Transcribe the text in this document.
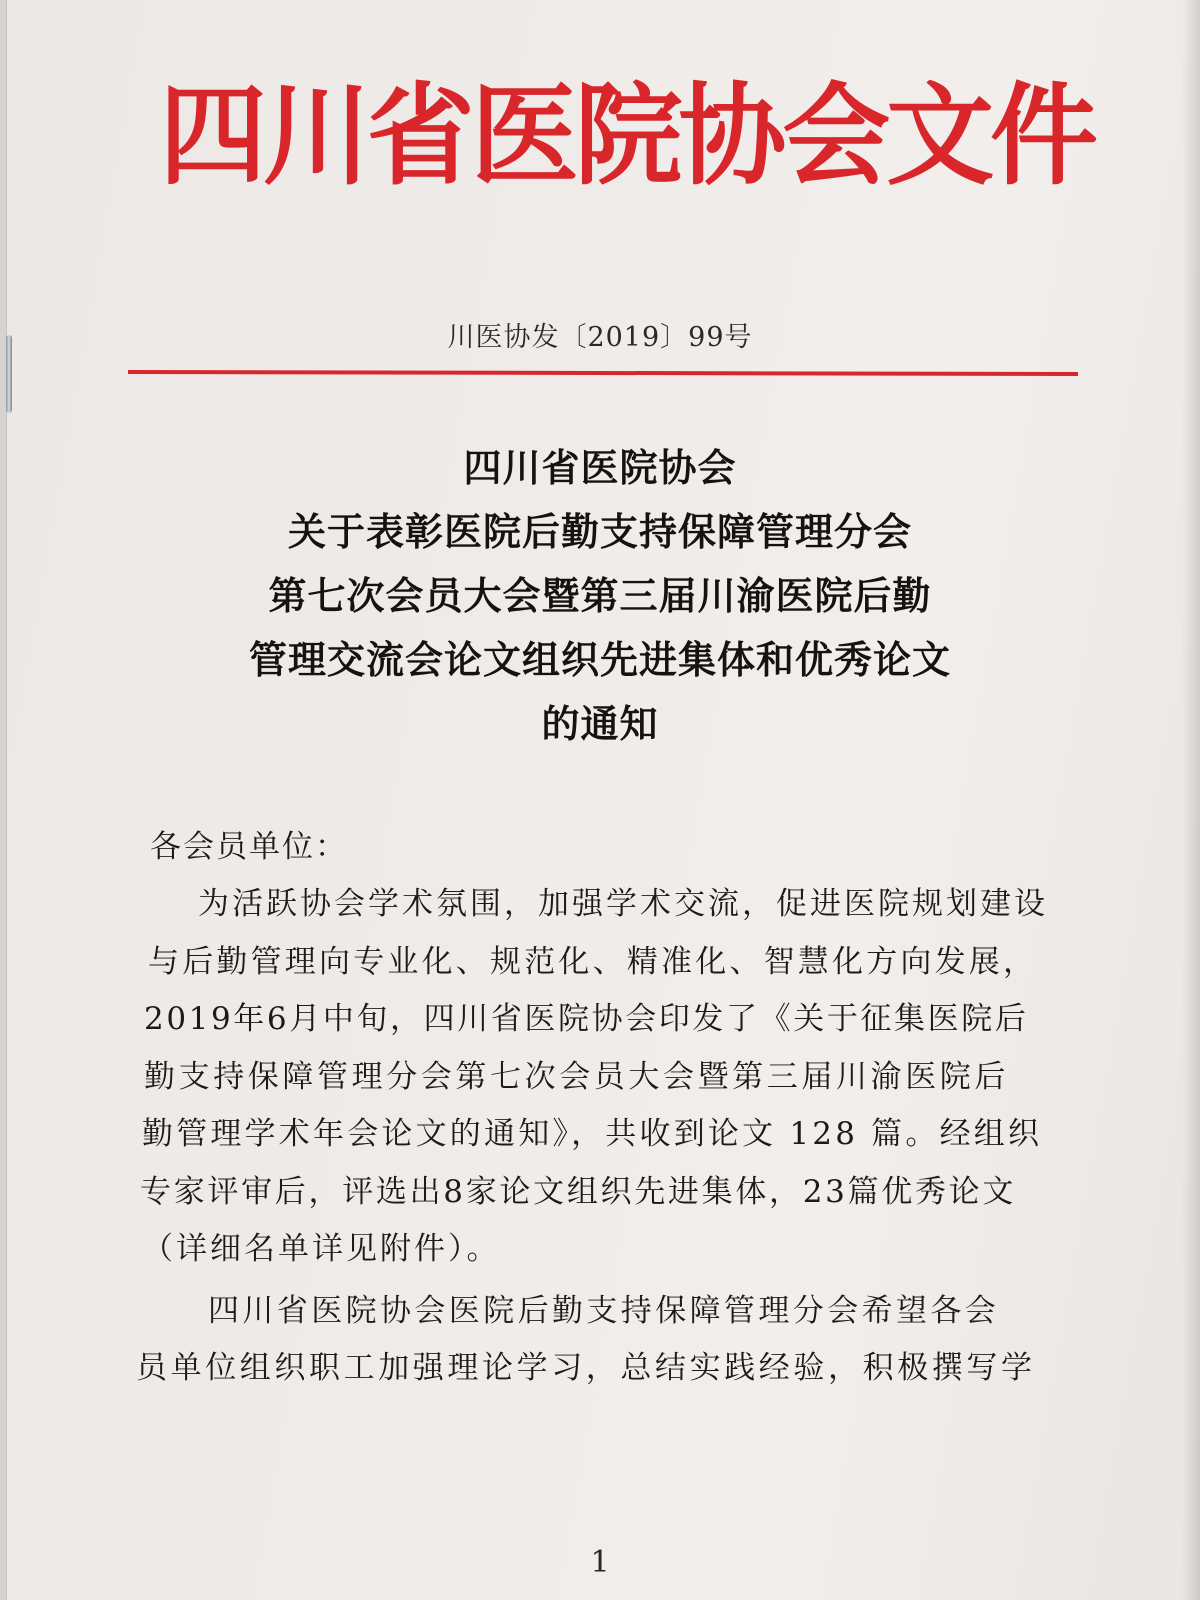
四川省医院协会文件
川医协发〔2019〕99号
四川省医院协会
关于表彰医院后勤支持保障管理分会
第七次会员大会暨第三届川渝医院后勤
管理交流会论文组织先进集体和优秀论文
的通知
各会员单位：
为活跃协会学术氛围，加强学术交流，促进医院规划建设
与后勤管理向专业化、规范化、精准化、智慧化方向发展，
2019年6月中旬，四川省医院协会印发了《关于征集医院后
勤支持保障管理分会第七次会员大会暨第三届川渝医院后
勤管理学术年会论文的通知》，共收到论文 128 篇。经组织
专家评审后，评选出8家论文组织先进集体，23篇优秀论文
（详细名单详见附件）。
四川省医院协会医院后勤支持保障管理分会希望各会
员单位组织职工加强理论学习，总结实践经验，积极撰写学
1
